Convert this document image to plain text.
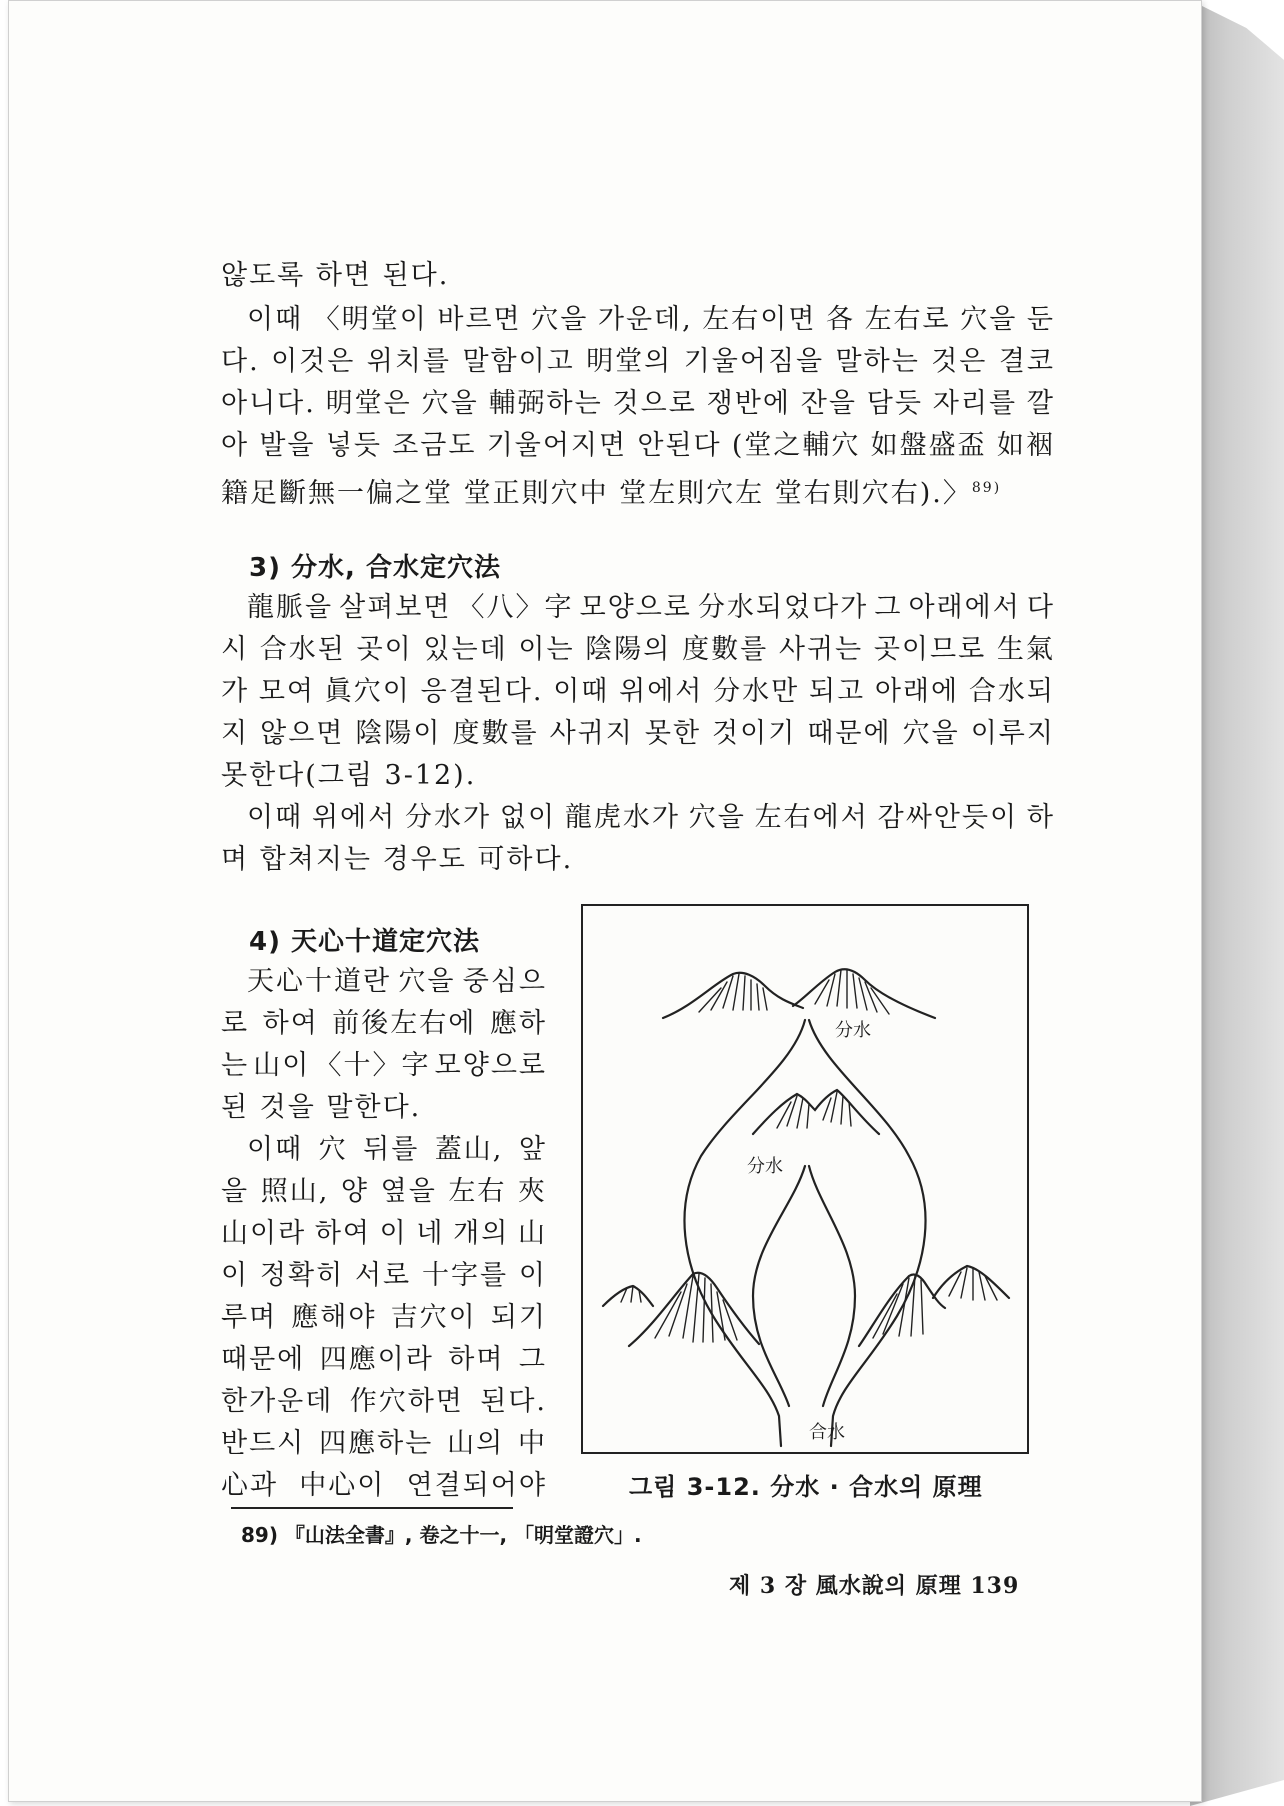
않도록 하면 된다.
이때 〈明堂이 바르면 穴을 가운데, 左右이면 各 左右로 穴을 둔
다. 이것은 위치를 말함이고 明堂의 기울어짐을 말하는 것은 결코
아니다. 明堂은 穴을 輔弼하는 것으로 쟁반에 잔을 담듯 자리를 깔
아 발을 넣듯 조금도 기울어지면 안된다 (堂之輔穴 如盤盛盃 如裀
籍足斷無一偏之堂 堂正則穴中 堂左則穴左 堂右則穴右).〉$^{89)}$
3) 分水, 合水定穴法
龍脈을 살펴보면 〈八〉字 모양으로 分水되었다가 그 아래에서 다
시 合水된 곳이 있는데 이는 陰陽의 度數를 사귀는 곳이므로 生氣
가 모여 眞穴이 응결된다. 이때 위에서 分水만 되고 아래에 合水되
지 않으면 陰陽이 度數를 사귀지 못한 것이기 때문에 穴을 이루지
못한다(그림 3-12).
이때 위에서 分水가 없이 龍虎水가 穴을 左右에서 감싸안듯이 하
며 합쳐지는 경우도 可하다.
4) 天心十道定穴法
天心十道란 穴을 중심으
로 하여 前後左右에 應하
는 山이 〈十〉字 모양으로
된 것을 말한다.
이때 穴 뒤를 蓋山, 앞
을 照山, 양 옆을 左右 夾
山이라 하여 이 네 개의 山
이 정확히 서로 十字를 이
루며 應해야 吉穴이 되기
때문에 四應이라 하며 그
한가운데 作穴하면 된다.
반드시 四應하는 山의 中
心과 中心이 연결되어야
分水
分水
合水
그림 3-12. 分水 · 合水의 原理
89) 『山法全書』, 卷之十一, 「明堂證穴」.
제 3 장 風水說의 原理 139
